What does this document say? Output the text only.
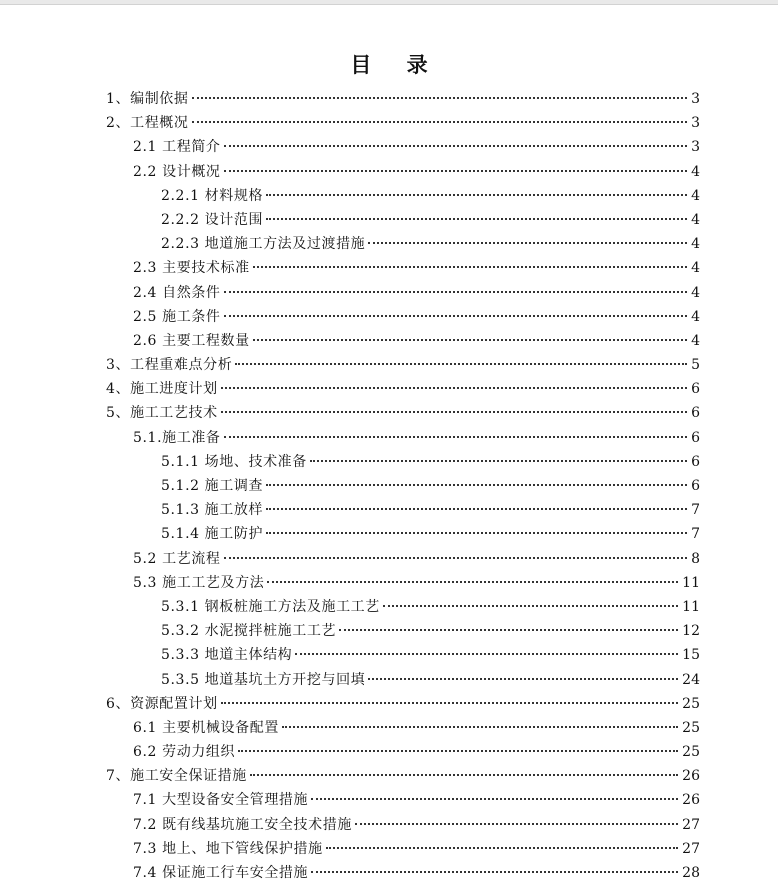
目 录
1、编制依据	3
2、工程概况	3
2.1 工程简介	3
2.2 设计概况	4
2.2.1 材料规格	4
2.2.2 设计范围	4
2.2.3 地道施工方法及过渡措施	4
2.3 主要技术标准	4
2.4 自然条件	4
2.5 施工条件	4
2.6 主要工程数量	4
3、工程重难点分析	5
4、施工进度计划	6
5、施工工艺技术	6
5.1.施工准备	6
5.1.1 场地、技术准备	6
5.1.2 施工调查	6
5.1.3 施工放样	7
5.1.4 施工防护	7
5.2 工艺流程	8
5.3 施工工艺及方法	11
5.3.1 钢板桩施工方法及施工工艺	11
5.3.2 水泥搅拌桩施工工艺	12
5.3.3 地道主体结构	15
5.3.5 地道基坑土方开挖与回填	24
6、资源配置计划	25
6.1 主要机械设备配置	25
6.2 劳动力组织	25
7、施工安全保证措施	26
7.1 大型设备安全管理措施	26
7.2 既有线基坑施工安全技术措施	27
7.3 地上、地下管线保护措施	27
7.4 保证施工行车安全措施	28
